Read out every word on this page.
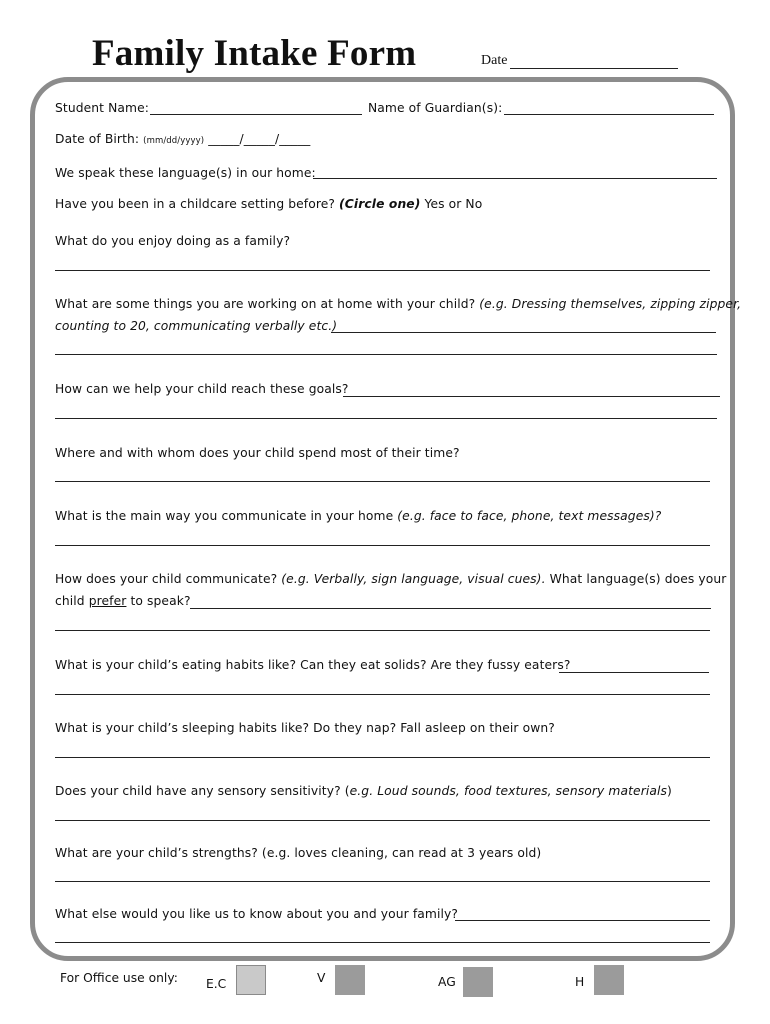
Family Intake Form	Date
Student Name:	Name of Guardian(s):
Date of Birth: (mm/dd/yyyy) _____/_____/_____
We speak these language(s) in our home:
Have you been in a childcare setting before? (Circle one) Yes or No
What do you enjoy doing as a family?
What are some things you are working on at home with your child? (e.g. Dressing themselves, zipping zipper,
counting to 20, communicating verbally etc.)
How can we help your child reach these goals?
Where and with whom does your child spend most of their time?
What is the main way you communicate in your home (e.g. face to face, phone, text messages)?
How does your child communicate? (e.g. Verbally, sign language, visual cues). What language(s) does your
child prefer to speak?
What is your child’s eating habits like? Can they eat solids? Are they fussy eaters?
What is your child’s sleeping habits like? Do they nap? Fall asleep on their own?
Does your child have any sensory sensitivity? (e.g. Loud sounds, food textures, sensory materials)
What are your child’s strengths? (e.g. loves cleaning, can read at 3 years old)
What else would you like us to know about you and your family?
For Office use only: E.C	V	AG	H
